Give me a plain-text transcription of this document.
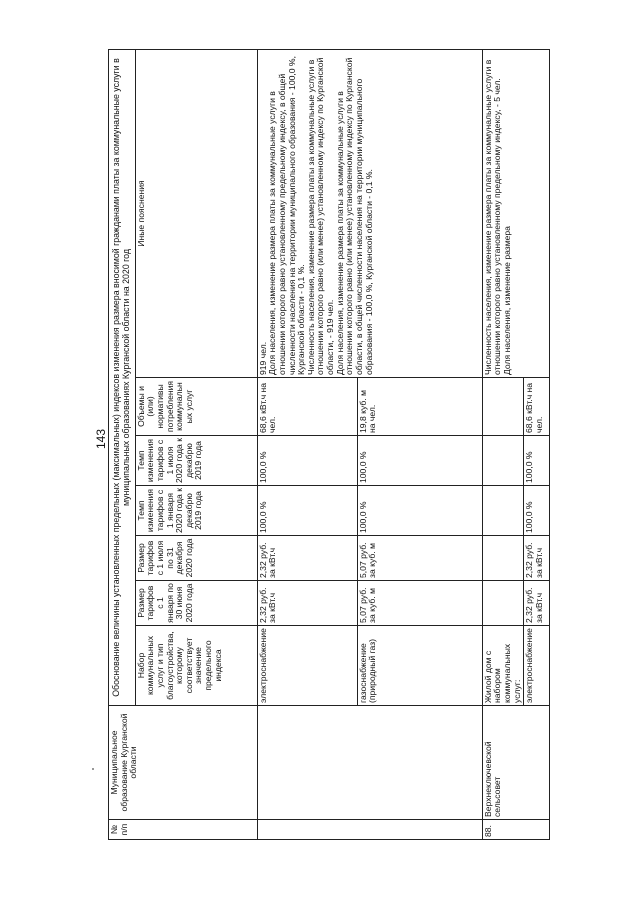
143
№ п/п	Муниципальное образование Курганской области	Обоснование величины установленных предельных (максимальных) индексов изменения размера вносимой гражданами платы за коммунальные услуги в муниципальных образованиях Курганской области на 2020 год						
		Набор коммунальных услуг и тип благоустройства, которому соответствует значение предельного индекса	Размер тарифов с 1 января по 30 июня 2020 года	Размер тарифов с 1 июля по 31 декабря 2020 года	Темп изменения тарифов с 1 января 2020 года к декабрю 2019 года	Темп изменения тарифов с 1 июля 2020 года к декабрю 2019 года	Объемы и (или) нормативы потребления коммунальных услуг	Иные пояснения
		электроснабжение	2,32 руб. за кВт.ч	2,32 руб. за кВт.ч	100,0 %	100,0 %	68,6 кВт.ч на чел.	919 чел.
Доля населения, изменение размера платы за коммунальные услуги в отношении которого равно установленному предельному индексу, в общей численности населения на территории муниципального образования - 100,0 %, Курганской области - 0,1 %.
Численность населения, изменение размера платы за коммунальные услуги в отношении которого равно (или менее) установленному индексу по Курганской области, - 919 чел.
Доля населения, изменение размера платы за коммунальные услуги в отношении которого равно (или менее) установленному индексу по Курганской области, в общей численности населения на территории муниципального образования - 100,0 %, Курганской области - 0,1 %.
		газоснабжение (природный газ)	5,07 руб. за куб. м	5,07 руб. за куб. м	100,0 %	100,0 %	19,8 куб. м на чел.	
88.	Верхнеключевской сельсовет	Жилой дом с набором коммунальных услуг:						Численность населения, изменение размера платы за коммунальные услуги в отношении которого равно установленному предельному индексу, - 5 чел.
Доля населения, изменение размера
		электроснабжение	2,32 руб. за кВт.ч	2,32 руб. за кВт.ч	100,0 %	100,0 %	68,6 кВт.ч на чел.	
